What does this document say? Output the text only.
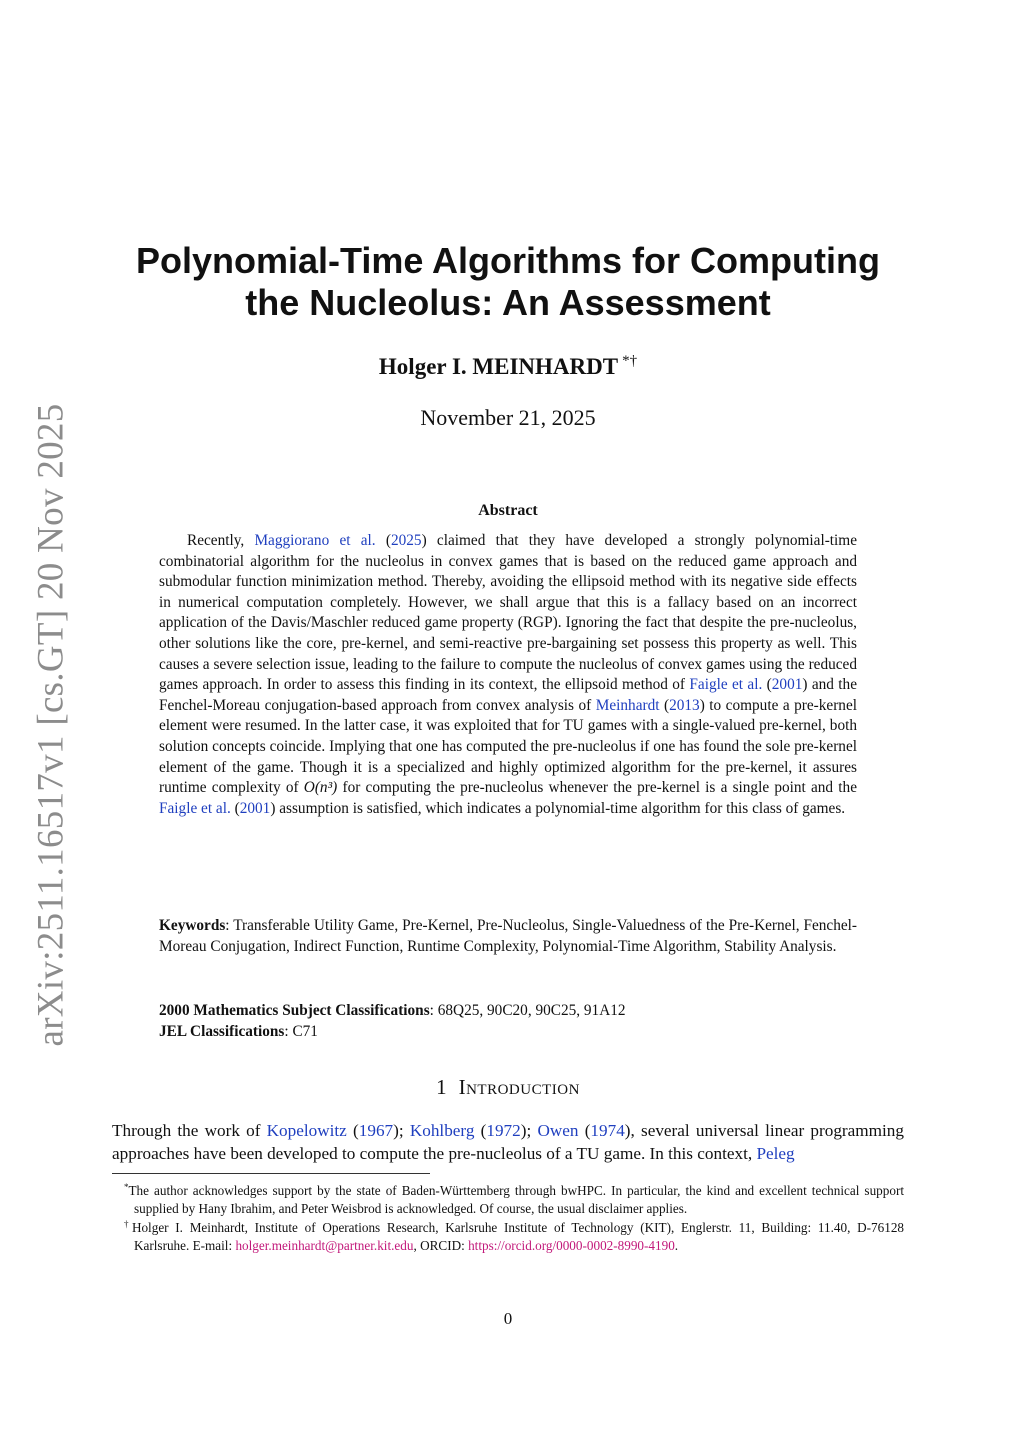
arXiv:2511.16517v1 [cs.GT] 20 Nov 2025
Polynomial-Time Algorithms for Computing
the Nucleolus: An Assessment
Holger I. MEINHARDT *†
November 21, 2025
Abstract

Recently, Maggiorano et al. (2025) claimed that they have developed a strongly polynomial-time combinatorial algorithm for the nucleolus in convex games that is based on the reduced game approach and submodular function minimization method. Thereby, avoiding the ellipsoid method with its negative side effects in numerical computation completely. However, we shall argue that this is a fallacy based on an incorrect application of the Davis/Maschler reduced game property (RGP). Ignoring the fact that despite the pre-nucleolus, other solutions like the core, pre-kernel, and semi-reactive pre-bargaining set possess this property as well. This causes a severe selection issue, leading to the failure to compute the nucleolus of convex games using the reduced games approach. In order to assess this finding in its context, the ellipsoid method of Faigle et al. (2001) and the Fenchel-Moreau conjugation-based approach from convex analysis of Meinhardt (2013) to compute a pre-kernel element were resumed. In the latter case, it was exploited that for TU games with a single-valued pre-kernel, both solution concepts coincide. Implying that one has computed the pre-nucleolus if one has found the sole pre-kernel element of the game. Though it is a specialized and highly optimized algorithm for the pre-kernel, it assures runtime complexity of O(n³) for computing the pre-nucleolus whenever the pre-kernel is a single point and the Faigle et al. (2001) assumption is satisfied, which indicates a polynomial-time algorithm for this class of games.

Keywords: Transferable Utility Game, Pre-Kernel, Pre-Nucleolus, Single-Valuedness of the Pre-Kernel, Fenchel-Moreau Conjugation, Indirect Function, Runtime Complexity, Polynomial-Time Algorithm, Stability Analysis.

2000 Mathematics Subject Classifications: 68Q25, 90C20, 90C25, 91A12
JEL Classifications: C71
1 Introduction

Through the work of Kopelowitz (1967); Kohlberg (1972); Owen (1974), several universal linear programming approaches have been developed to compute the pre-nucleolus of a TU game. In this context, Peleg

*The author acknowledges support by the state of Baden-Württemberg through bwHPC. In particular, the kind and excellent technical support supplied by Hany Ibrahim, and Peter Weisbrod is acknowledged. Of course, the usual disclaimer applies.

†Holger I. Meinhardt, Institute of Operations Research, Karlsruhe Institute of Technology (KIT), Englerstr. 11, Building: 11.40, D-76128 Karlsruhe. E-mail: holger.meinhardt@partner.kit.edu, ORCID: https://orcid.org/0000-0002-8990-4190.

0
